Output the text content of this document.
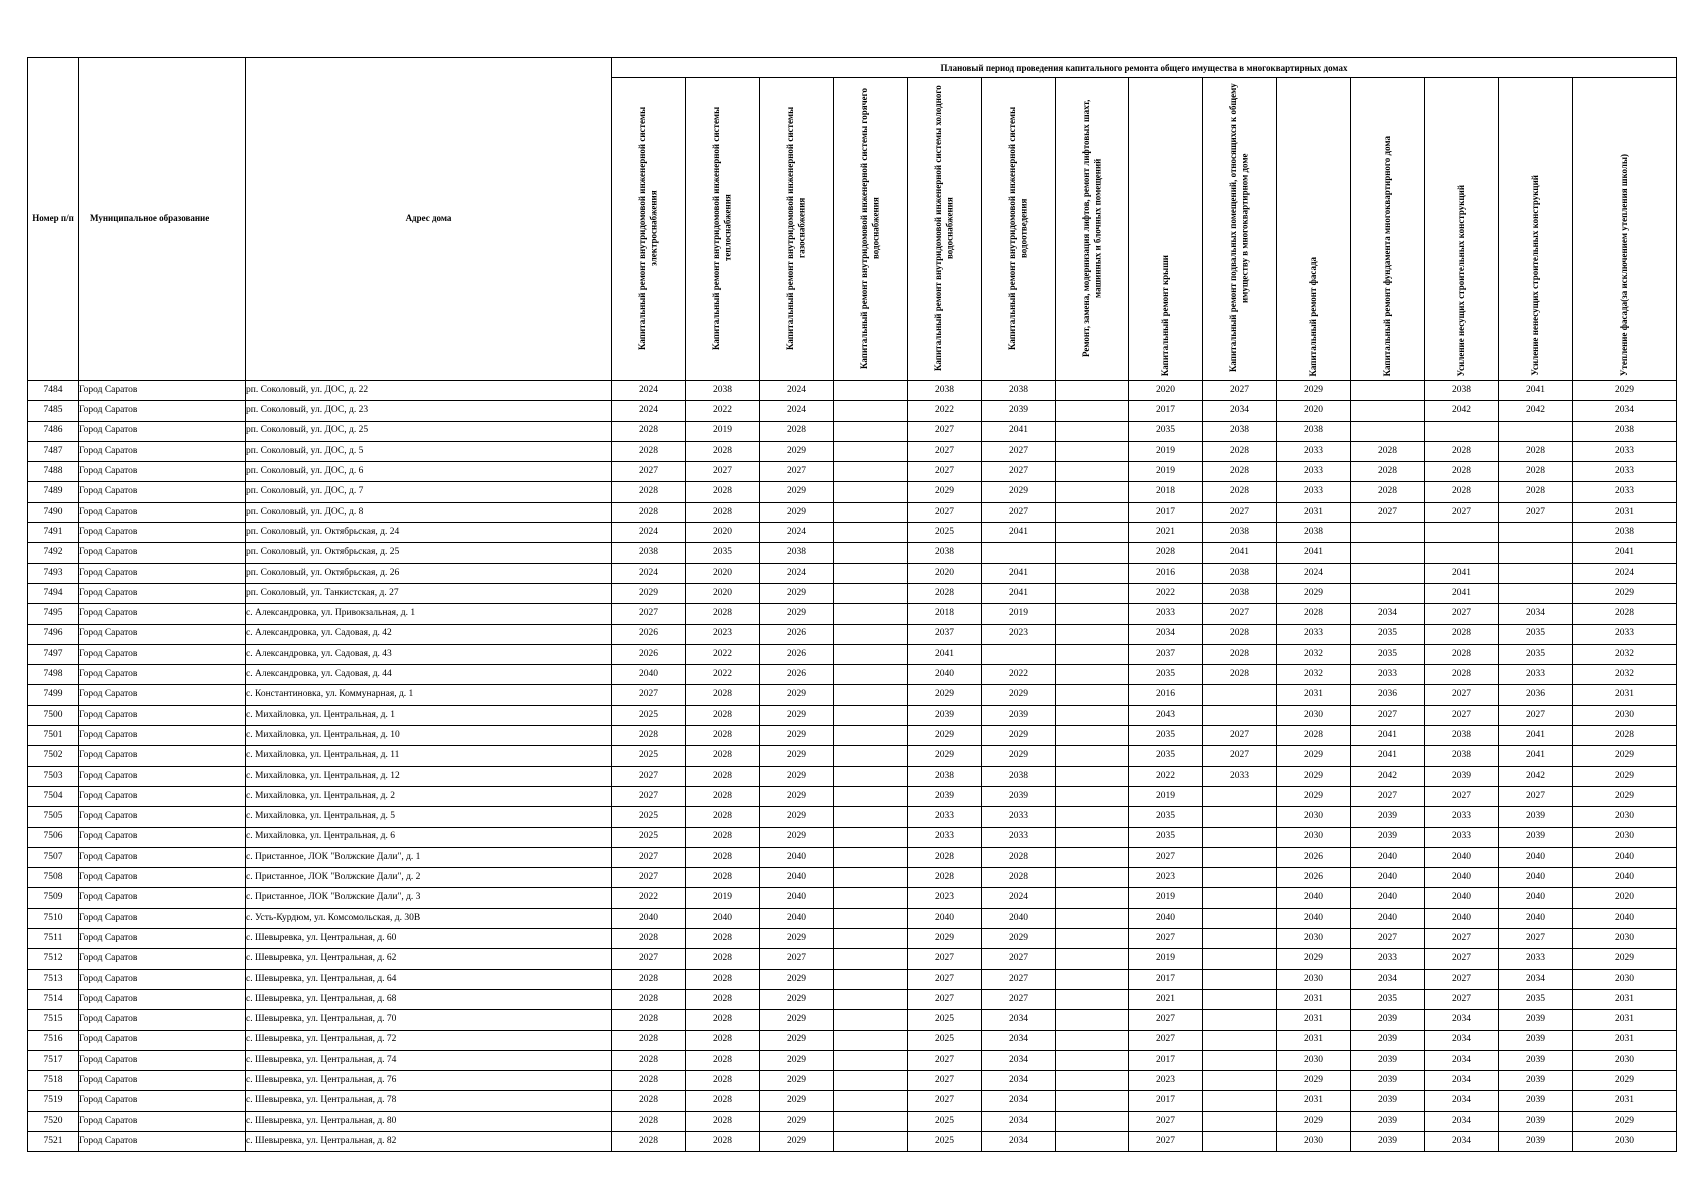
Номер п/п	Муниципальное образование	Адрес дома	Плановый период проведения капитального ремонта общего имущества в многоквартирных домах													

			Капитальный ремонт внутридомовой инженерной системы электроснабжения	Капитальный ремонт внутридомовой инженерной системы теплоснабжения	Капитальный ремонт внутридомовой инженерной системы газоснабжения	Капитальный ремонт внутридомовой инженерной системы горячего водоснабжения	Капитальный ремонт внутридомовой инженерной системы холодного водоснабжения	Капитальный ремонт внутридомовой инженерной системы водоотведения	Ремонт, замена, модернизация лифтов, ремонт лифтовых шахт, машинных и блочных помещений	Капитальный ремонт крыши	Капитальный ремонт подвальных помещений, относящихся к общему имуществу в многоквартирном доме	Капитальный ремонт фасада	Капитальный ремонт фундамента многоквартирного дома	Усиление несущих строительных конструкций	Усиление ненесущих строительных конструкций	Утепление фасада(за исключением утепления школы)

7484	Город Саратов	рп. Соколовый, ул. ДОС, д. 22	2024	2038	2024		2038	2038		2020	2027	2029		2038	2041	2029
7485	Город Саратов	рп. Соколовый, ул. ДОС, д. 23	2024	2022	2024		2022	2039		2017	2034	2020		2042	2042	2034
7486	Город Саратов	рп. Соколовый, ул. ДОС, д. 25	2028	2019	2028		2027	2041		2035	2038	2038				2038
7487	Город Саратов	рп. Соколовый, ул. ДОС, д. 5	2028	2028	2029		2027	2027		2019	2028	2033	2028	2028	2028	2033
7488	Город Саратов	рп. Соколовый, ул. ДОС, д. 6	2027	2027	2027		2027	2027		2019	2028	2033	2028	2028	2028	2033
7489	Город Саратов	рп. Соколовый, ул. ДОС, д. 7	2028	2028	2029		2029	2029		2018	2028	2033	2028	2028	2028	2033
7490	Город Саратов	рп. Соколовый, ул. ДОС, д. 8	2028	2028	2029		2027	2027		2017	2027	2031	2027	2027	2027	2031
7491	Город Саратов	рп. Соколовый, ул. Октябрьская, д. 24	2024	2020	2024		2025	2041		2021	2038	2038				2038
7492	Город Саратов	рп. Соколовый, ул. Октябрьская, д. 25	2038	2035	2038		2038			2028	2041	2041				2041
7493	Город Саратов	рп. Соколовый, ул. Октябрьская, д. 26	2024	2020	2024		2020	2041		2016	2038	2024		2041		2024
7494	Город Саратов	рп. Соколовый, ул. Танкистская, д. 27	2029	2020	2029		2028	2041		2022	2038	2029		2041		2029
7495	Город Саратов	с. Александровка, ул. Привокзальная, д. 1	2027	2028	2029		2018	2019		2033	2027	2028	2034	2027	2034	2028
7496	Город Саратов	с. Александровка, ул. Садовая, д. 42	2026	2023	2026		2037	2023		2034	2028	2033	2035	2028	2035	2033
7497	Город Саратов	с. Александровка, ул. Садовая, д. 43	2026	2022	2026		2041			2037	2028	2032	2035	2028	2035	2032
7498	Город Саратов	с. Александровка, ул. Садовая, д. 44	2040	2022	2026		2040	2022		2035	2028	2032	2033	2028	2033	2032
7499	Город Саратов	с. Константиновка, ул. Коммунарная, д. 1	2027	2028	2029		2029	2029		2016		2031	2036	2027	2036	2031
7500	Город Саратов	с. Михайловка, ул. Центральная, д. 1	2025	2028	2029		2039	2039		2043		2030	2027	2027	2027	2030
7501	Город Саратов	с. Михайловка, ул. Центральная, д. 10	2028	2028	2029		2029	2029		2035	2027	2028	2041	2038	2041	2028
7502	Город Саратов	с. Михайловка, ул. Центральная, д. 11	2025	2028	2029		2029	2029		2035	2027	2029	2041	2038	2041	2029
7503	Город Саратов	с. Михайловка, ул. Центральная, д. 12	2027	2028	2029		2038	2038		2022	2033	2029	2042	2039	2042	2029
7504	Город Саратов	с. Михайловка, ул. Центральная, д. 2	2027	2028	2029		2039	2039		2019		2029	2027	2027	2027	2029
7505	Город Саратов	с. Михайловка, ул. Центральная, д. 5	2025	2028	2029		2033	2033		2035		2030	2039	2033	2039	2030
7506	Город Саратов	с. Михайловка, ул. Центральная, д. 6	2025	2028	2029		2033	2033		2035		2030	2039	2033	2039	2030
7507	Город Саратов	с. Пристанное, ЛОК "Волжские Дали", д. 1	2027	2028	2040		2028	2028		2027		2026	2040	2040	2040	2040
7508	Город Саратов	с. Пристанное, ЛОК "Волжские Дали", д. 2	2027	2028	2040		2028	2028		2023		2026	2040	2040	2040	2040
7509	Город Саратов	с. Пристанное, ЛОК "Волжские Дали", д. 3	2022	2019	2040		2023	2024		2019		2040	2040	2040	2040	2020
7510	Город Саратов	с. Усть-Курдюм, ул. Комсомольская, д. 30В	2040	2040	2040		2040	2040		2040		2040	2040	2040	2040	2040
7511	Город Саратов	с. Шевыревка, ул. Центральная, д. 60	2028	2028	2029		2029	2029		2027		2030	2027	2027	2027	2030
7512	Город Саратов	с. Шевыревка, ул. Центральная, д. 62	2027	2028	2027		2027	2027		2019		2029	2033	2027	2033	2029
7513	Город Саратов	с. Шевыревка, ул. Центральная, д. 64	2028	2028	2029		2027	2027		2017		2030	2034	2027	2034	2030
7514	Город Саратов	с. Шевыревка, ул. Центральная, д. 68	2028	2028	2029		2027	2027		2021		2031	2035	2027	2035	2031
7515	Город Саратов	с. Шевыревка, ул. Центральная, д. 70	2028	2028	2029		2025	2034		2027		2031	2039	2034	2039	2031
7516	Город Саратов	с. Шевыревка, ул. Центральная, д. 72	2028	2028	2029		2025	2034		2027		2031	2039	2034	2039	2031
7517	Город Саратов	с. Шевыревка, ул. Центральная, д. 74	2028	2028	2029		2027	2034		2017		2030	2039	2034	2039	2030
7518	Город Саратов	с. Шевыревка, ул. Центральная, д. 76	2028	2028	2029		2027	2034		2023		2029	2039	2034	2039	2029
7519	Город Саратов	с. Шевыревка, ул. Центральная, д. 78	2028	2028	2029		2027	2034		2017		2031	2039	2034	2039	2031
7520	Город Саратов	с. Шевыревка, ул. Центральная, д. 80	2028	2028	2029		2025	2034		2027		2029	2039	2034	2039	2029
7521	Город Саратов	с. Шевыревка, ул. Центральная, д. 82	2028	2028	2029		2025	2034		2027		2030	2039	2034	2039	2030
